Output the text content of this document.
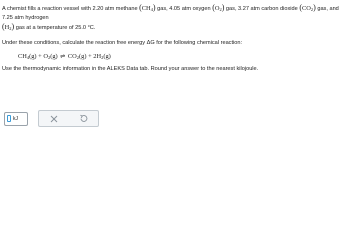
A chemist fills a reaction vessel with 2.20 atm methane $(CH_4)$ gas, 4.05 atm oxygen $(O_2)$ gas, 3.27 atm carbon dioxide $(CO_2)$ gas, and 7.25 atm hydrogen

$(H_2)$ gas at a temperature of 25.0 °C.

Under these conditions, calculate the reaction free energy ΔG for the following chemical reaction:

$CH_4(g) + O_2(g)$ ⇌ $CO_2(g) + 2H_2(g)$

Use the thermodynamic information in the ALEKS Data tab. Round your answer to the nearest kilojoule.

kJ
